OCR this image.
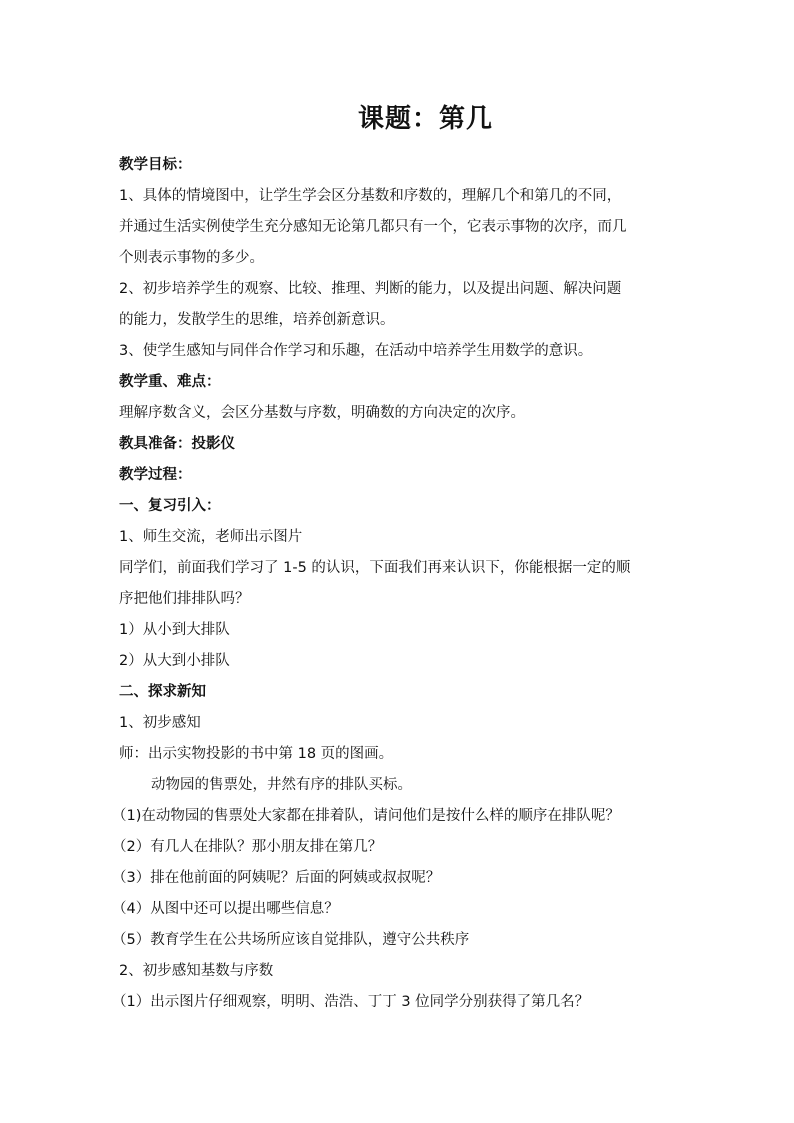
课题：第几
教学目标：
1、具体的情境图中，让学生学会区分基数和序数的，理解几个和第几的不同，
并通过生活实例使学生充分感知无论第几都只有一个，它表示事物的次序，而几
个则表示事物的多少。
2、初步培养学生的观察、比较、推理、判断的能力，以及提出问题、解决问题
的能力，发散学生的思维，培养创新意识。
3、使学生感知与同伴合作学习和乐趣，在活动中培养学生用数学的意识。
教学重、难点：
理解序数含义，会区分基数与序数，明确数的方向决定的次序。
教具准备：投影仪
教学过程：
一、复习引入：
1、师生交流，老师出示图片
同学们，前面我们学习了 1-5 的认识，下面我们再来认识下，你能根据一定的顺
序把他们排排队吗？
1）从小到大排队
2）从大到小排队
二、探求新知
1、初步感知
师：出示实物投影的书中第 18 页的图画。
动物园的售票处，井然有序的排队买标。
（1)在动物园的售票处大家都在排着队，请问他们是按什么样的顺序在排队呢？
（2）有几人在排队？那小朋友排在第几？
（3）排在他前面的阿姨呢？后面的阿姨或叔叔呢？
（4）从图中还可以提出哪些信息？
（5）教育学生在公共场所应该自觉排队，遵守公共秩序
2、初步感知基数与序数
（1）出示图片仔细观察，明明、浩浩、丁丁 3 位同学分别获得了第几名？
